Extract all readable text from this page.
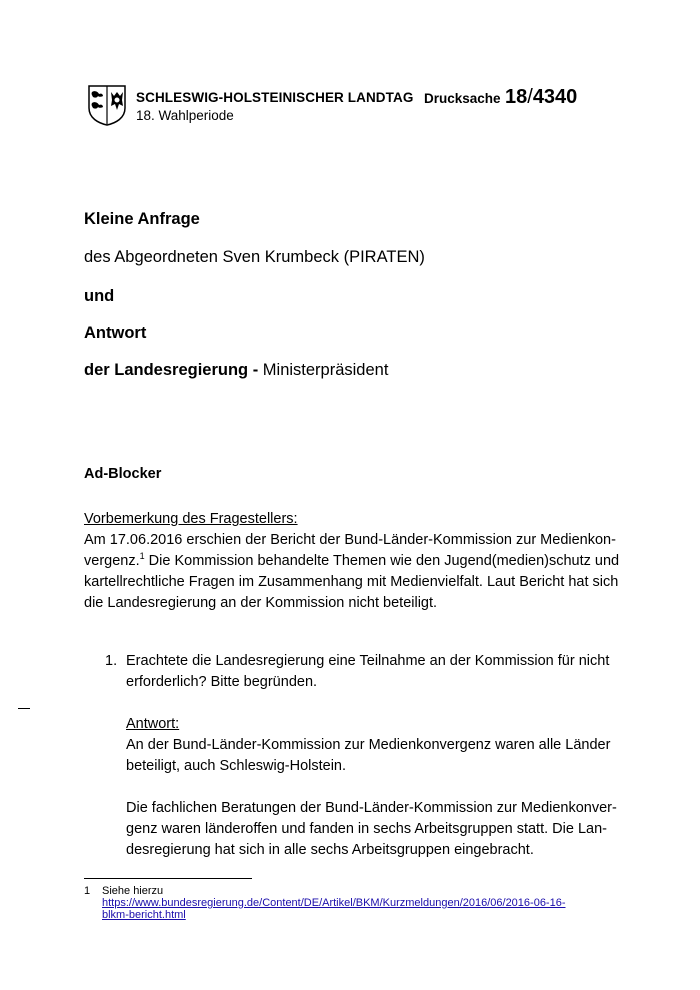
SCHLESWIG-HOLSTEINISCHER LANDTAG
18. Wahlperiode
Drucksache 18/4340
Kleine Anfrage
des Abgeordneten Sven Krumbeck (PIRATEN)
und
Antwort
der Landesregierung - Ministerpräsident
Ad-Blocker
Vorbemerkung des Fragestellers:
Am 17.06.2016 erschien der Bericht der Bund-Länder-Kommission zur Medienkon-
vergenz.$^1$ Die Kommission behandelte Themen wie den Jugend(medien)schutz und
kartellrechtliche Fragen im Zusammenhang mit Medienvielfalt. Laut Bericht hat sich
die Landesregierung an der Kommission nicht beteiligt.
1. Erachtete die Landesregierung eine Teilnahme an der Kommission für nicht
erforderlich? Bitte begründen.
Antwort:
An der Bund-Länder-Kommission zur Medienkonvergenz waren alle Länder
beteiligt, auch Schleswig-Holstein.
Die fachlichen Beratungen der Bund-Länder-Kommission zur Medienkonver-
genz waren länderoffen und fanden in sechs Arbeitsgruppen statt. Die Lan-
desregierung hat sich in alle sechs Arbeitsgruppen eingebracht.
1 Siehe hierzu
https://www.bundesregierung.de/Content/DE/Artikel/BKM/Kurzmeldungen/2016/06/2016-06-16-
blkm-bericht.html
